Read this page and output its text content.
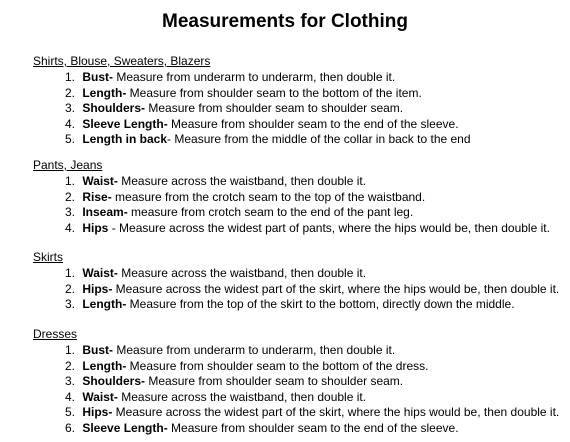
Measurements for Clothing

Shirts, Blouse, Sweaters, Blazers

1. Bust- Measure from underarm to underarm, then double it.
2. Length- Measure from shoulder seam to the bottom of the item.
3. Shoulders- Measure from shoulder seam to shoulder seam.
4. Sleeve Length- Measure from shoulder seam to the end of the sleeve.
5. Length in back- Measure from the middle of the collar in back to the end

Pants, Jeans

1. Waist- Measure across the waistband, then double it.
2. Rise- measure from the crotch seam to the top of the waistband.
3. Inseam- measure from crotch seam to the end of the pant leg.
4. Hips - Measure across the widest part of pants, where the hips would be, then double it.

Skirts

1. Waist- Measure across the waistband, then double it.
2. Hips- Measure across the widest part of the skirt, where the hips would be, then double it.
3. Length- Measure from the top of the skirt to the bottom, directly down the middle.

Dresses

1. Bust- Measure from underarm to underarm, then double it.
2. Length- Measure from shoulder seam to the bottom of the dress.
3. Shoulders- Measure from shoulder seam to shoulder seam.
4. Waist- Measure across the waistband, then double it.
5. Hips- Measure across the widest part of the skirt, where the hips would be, then double it.
6. Sleeve Length- Measure from shoulder seam to the end of the sleeve.
